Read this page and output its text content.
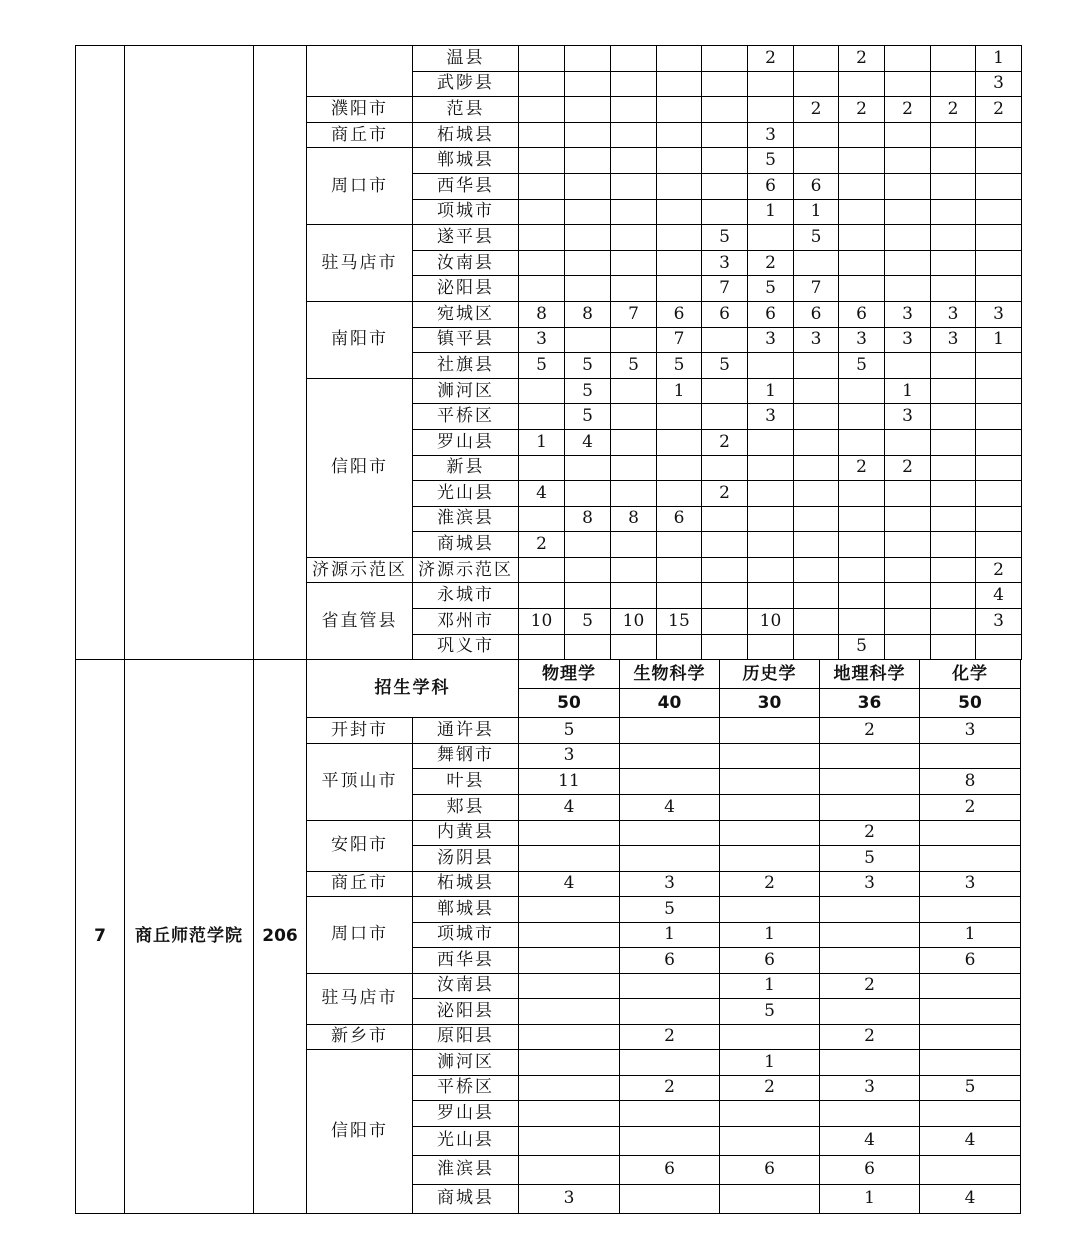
				温县						2		2			1
				武陟县											3
			濮阳市	范县							2	2	2	2	2
			商丘市	柘城县						3					
			周口市	郸城县						5					
				西华县						6	6				
				项城市						1	1				
			驻马店市	遂平县					5		5				
				汝南县					3	2					
				泌阳县					7	5	7				
			南阳市	宛城区	8	8	7	6	6	6	6	6	3	3	3
				镇平县	3			7		3	3	3	3	3	1
				社旗县	5	5	5	5	5			5			
			信阳市	浉河区		5		1		1			1		
				平桥区		5				3			3		
				罗山县	1	4			2						
				新县								2	2		
				光山县	4				2						
				淮滨县		8	8	6							
				商城县	2										
			济源示范区	济源示范区											2
			省直管县	永城市											4
				邓州市	10	5	10	15		10					3
				巩义市								5			
7	商丘师范学院	206	招生学科		物理学	生物科学	历史学	地理科学	化学
					50	40	30	36	50
			开封市	通许县	5			2	3
			平顶山市	舞钢市	3				
				叶县	11				8
				郏县	4	4			2
			安阳市	内黄县				2	
				汤阴县				5	
			商丘市	柘城县	4	3	2	3	3
			周口市	郸城县		5			
				项城市		1	1		1
				西华县		6	6		6
			驻马店市	汝南县			1	2	
				泌阳县			5		
			新乡市	原阳县		2		2	
			信阳市	浉河区			1		
				平桥区		2	2	3	5
				罗山县					
				光山县				4	4
				淮滨县		6	6	6	
				商城县	3			1	4
